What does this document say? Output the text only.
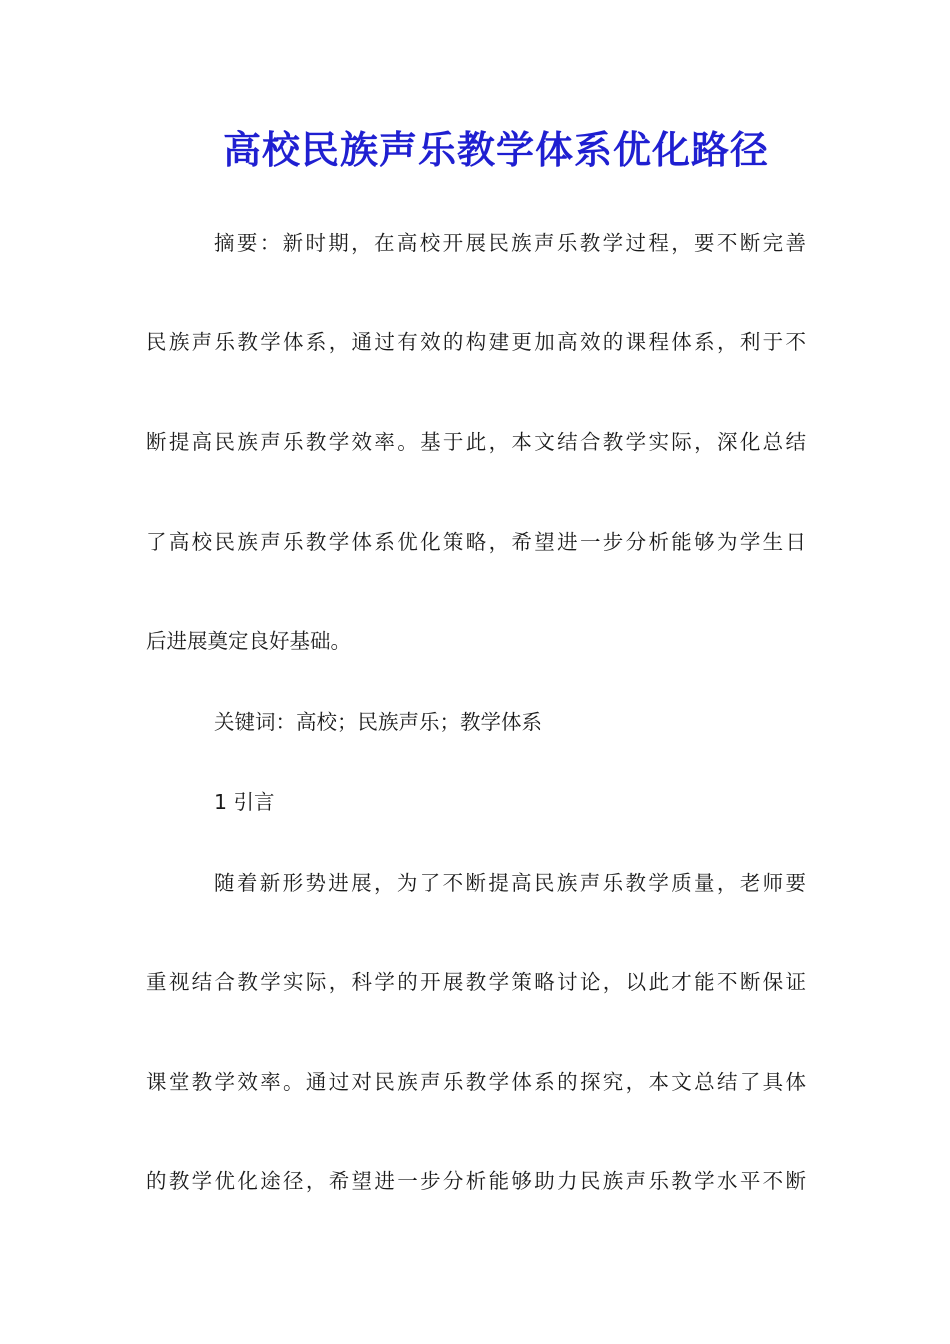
高校民族声乐教学体系优化路径
摘要：新时期，在高校开展民族声乐教学过程，要不断完善
民族声乐教学体系，通过有效的构建更加高效的课程体系，利于不
断提高民族声乐教学效率。基于此，本文结合教学实际，深化总结
了高校民族声乐教学体系优化策略，希望进一步分析能够为学生日
后进展奠定良好基础。
关键词：高校；民族声乐；教学体系
1 引言
随着新形势进展，为了不断提高民族声乐教学质量，老师要
重视结合教学实际，科学的开展教学策略讨论，以此才能不断保证
课堂教学效率。通过对民族声乐教学体系的探究，本文总结了具体
的教学优化途径，希望进一步分析能够助力民族声乐教学水平不断
